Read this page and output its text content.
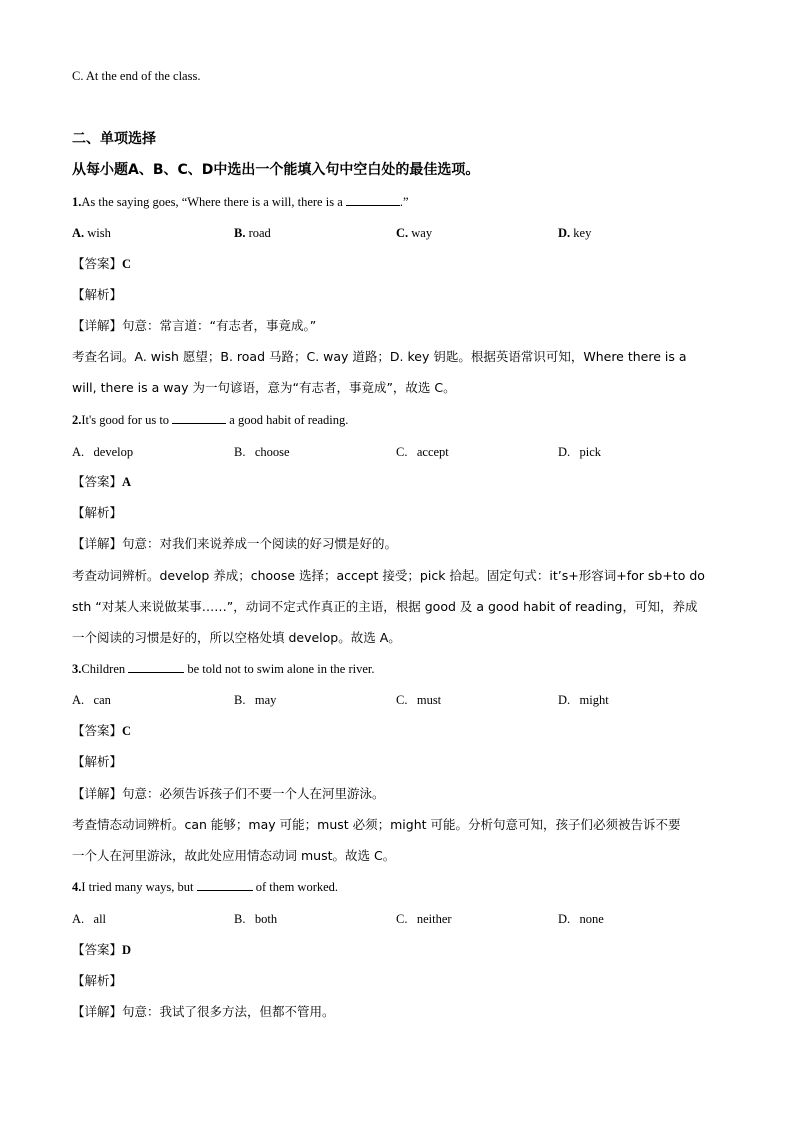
C. At the end of the class.
二、单项选择
从每小题A、B、C、D中选出一个能填入句中空白处的最佳选项。
1.As the saying goes, “Where there is a will, there is a	.”
A. wish	B. road	C. way	D. key
【答案】C
【解析】
【详解】句意：常言道：“有志者，事竟成。”
考查名词。A. wish 愿望；B. road 马路；C. way 道路；D. key 钥匙。根据英语常识可知，Where there is a
will, there is a way 为一句谚语，意为“有志者，事竟成”，故选 C。
2.It's good for us to	a good habit of reading.
A.   develop	B.   choose	C.   accept	D.   pick
【答案】A
【解析】
【详解】句意：对我们来说养成一个阅读的好习惯是好的。
考查动词辨析。develop 养成；choose 选择；accept 接受；pick 拾起。固定句式：it’s+形容词+for sb+to do
sth “对某人来说做某事……”，动词不定式作真正的主语，根据 good 及 a good habit of reading，可知，养成
一个阅读的习惯是好的，所以空格处填 develop。故选 A。
3.Children	be told not to swim alone in the river.
A.   can	B.   may	C.   must	D.   might
【答案】C
【解析】
【详解】句意：必须告诉孩子们不要一个人在河里游泳。
考查情态动词辨析。can 能够；may 可能；must 必须；might 可能。分析句意可知，孩子们必须被告诉不要
一个人在河里游泳，故此处应用情态动词 must。故选 C。
4.I tried many ways, but	of them worked.
A.   all	B.   both	C.   neither	D.   none
【答案】D
【解析】
【详解】句意：我试了很多方法，但都不管用。
